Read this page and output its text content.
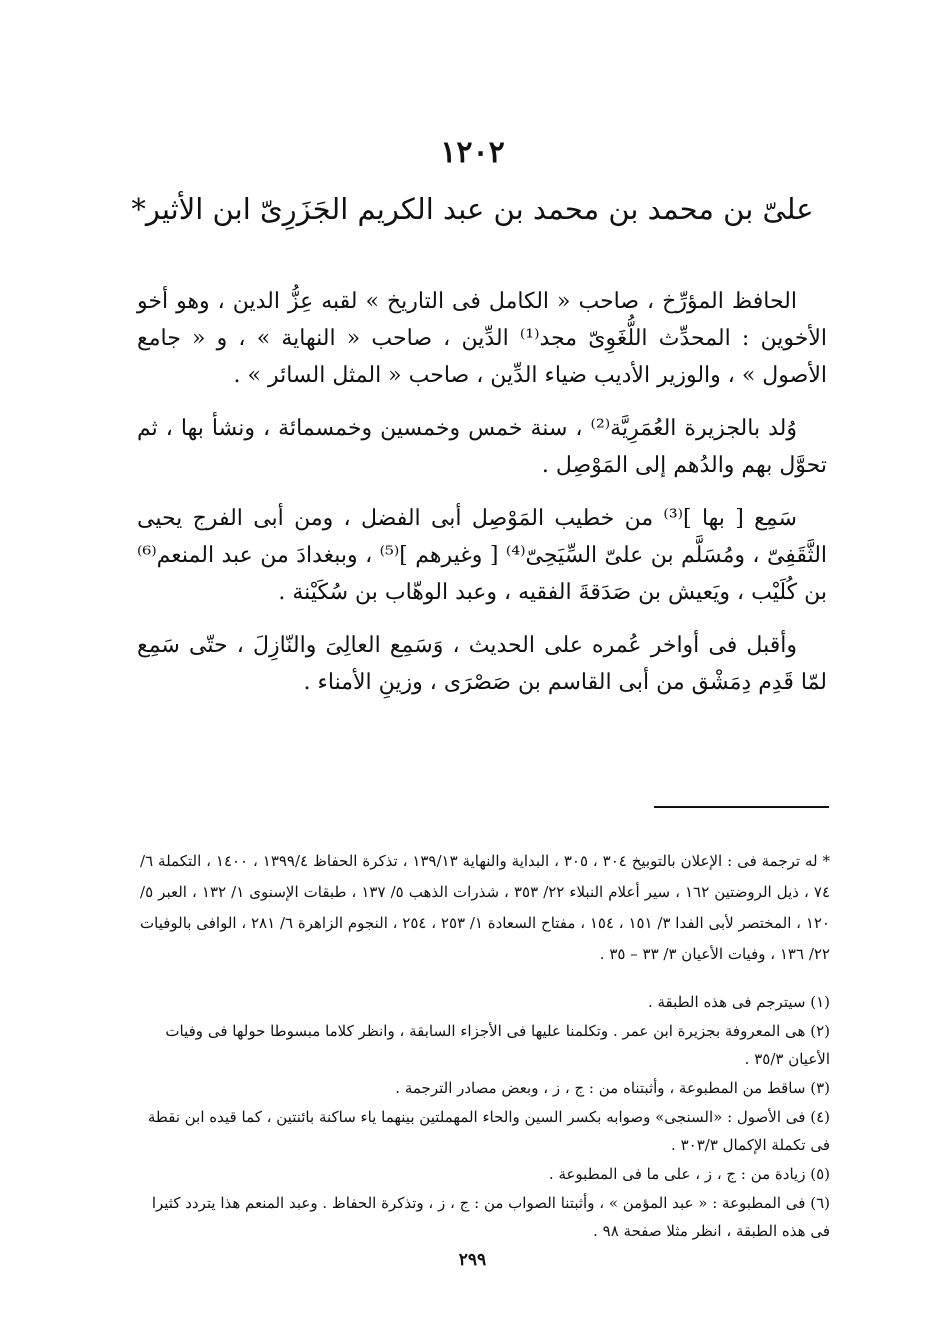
١٢٠٢
علىّ بن محمد بن محمد بن عبد الكريم الجَزَرِىّ ابن الأثير*

الحافظ المؤرِّخ ، صاحب « الكامل فى التاريخ » لقبه عِزُّ الدين ، وهو أخو الأخوين : المحدِّث اللُّغَوِىّ مجد⁽¹⁾ الدِّين ، صاحب « النهاية » ، و « جامع الأصول » ، والوزير الأديب ضياء الدِّين ، صاحب « المثل السائر » .

وُلد بالجزيرة العُمَرِيَّة⁽²⁾ ، سنة خمس وخمسين وخمسمائة ، ونشأ بها ، ثم تحوَّل بهم والدُهم إلى المَوْصِل .

سَمِع [ بها ]⁽³⁾ من خطيب المَوْصِل أبى الفضل ، ومن أبى الفرج يحيى الثَّقَفِىّ ، ومُسَلَّم بن علىّ السِّيَحِىّ⁽⁴⁾ [ وغيرهم ]⁽⁵⁾ ، وببغدادَ من عبد المنعم⁽⁶⁾ بن كُلَيْب ، ويَعيش بن صَدَقةَ الفقيه ، وعبد الوهّاب بن سُكَيْنة .

وأقبل فى أواخر عُمره على الحديث ، وَسَمِع العالِىَ والنّازِلَ ، حتّى سَمِع لمّا قَدِم دِمَشْق من أبى القاسم بن صَصْرَى ، وزينِ الأمناء .

* له ترجمة فى : الإعلان بالتوبيخ ٣٠٤ ، ٣٠٥ ، البداية والنهاية ١٣٩/١٣ ، تذكرة الحفاظ ١٣٩٩/٤ ، ١٤٠٠ ، التكملة ٦/ ٧٤ ، ذيل الروضتين ١٦٢ ، سير أعلام النبلاء ٢٢/ ٣٥٣ ، شذرات الذهب ٥/ ١٣٧ ، طبقات الإسنوى ١/ ١٣٢ ، العبر ٥/ ١٢٠ ، المختصر لأبى الفدا ٣/ ١٥١ ، ١٥٤ ، مفتاح السعادة ١/ ٢٥٣ ، ٢٥٤ ، النجوم الزاهرة ٦/ ٢٨١ ، الوافى بالوفيات ٢٢/ ١٣٦ ، وفيات الأعيان ٣/ ٣٣ – ٣٥ .

(١) سيترجم فى هذه الطبقة .
(٢) هى المعروفة بجزيرة ابن عمر . وتكلمنا عليها فى الأجزاء السابقة ، وانظر كلاما مبسوطا حولها فى وفيات الأعيان ٣٥/٣ .
(٣) ساقط من المطبوعة ، وأثبتناه من : ج ، ز ، وبعض مصادر الترجمة .
(٤) فى الأصول : «السنجى» وصوابه بكسر السين والحاء المهملتين بينهما ياء ساكنة بائنتين ، كما قيده ابن نقطة فى تكملة الإكمال ٣٠٣/٣ .
(٥) زيادة من : ج ، ز ، على ما فى المطبوعة .
(٦) فى المطبوعة : « عبد المؤمن » ، وأثبتنا الصواب من : ج ، ز ، وتذكرة الحفاظ . وعبد المنعم هذا يتردد كثيرا فى هذه الطبقة ، انظر مثلا صفحة ٩٨ .
٢٩٩
